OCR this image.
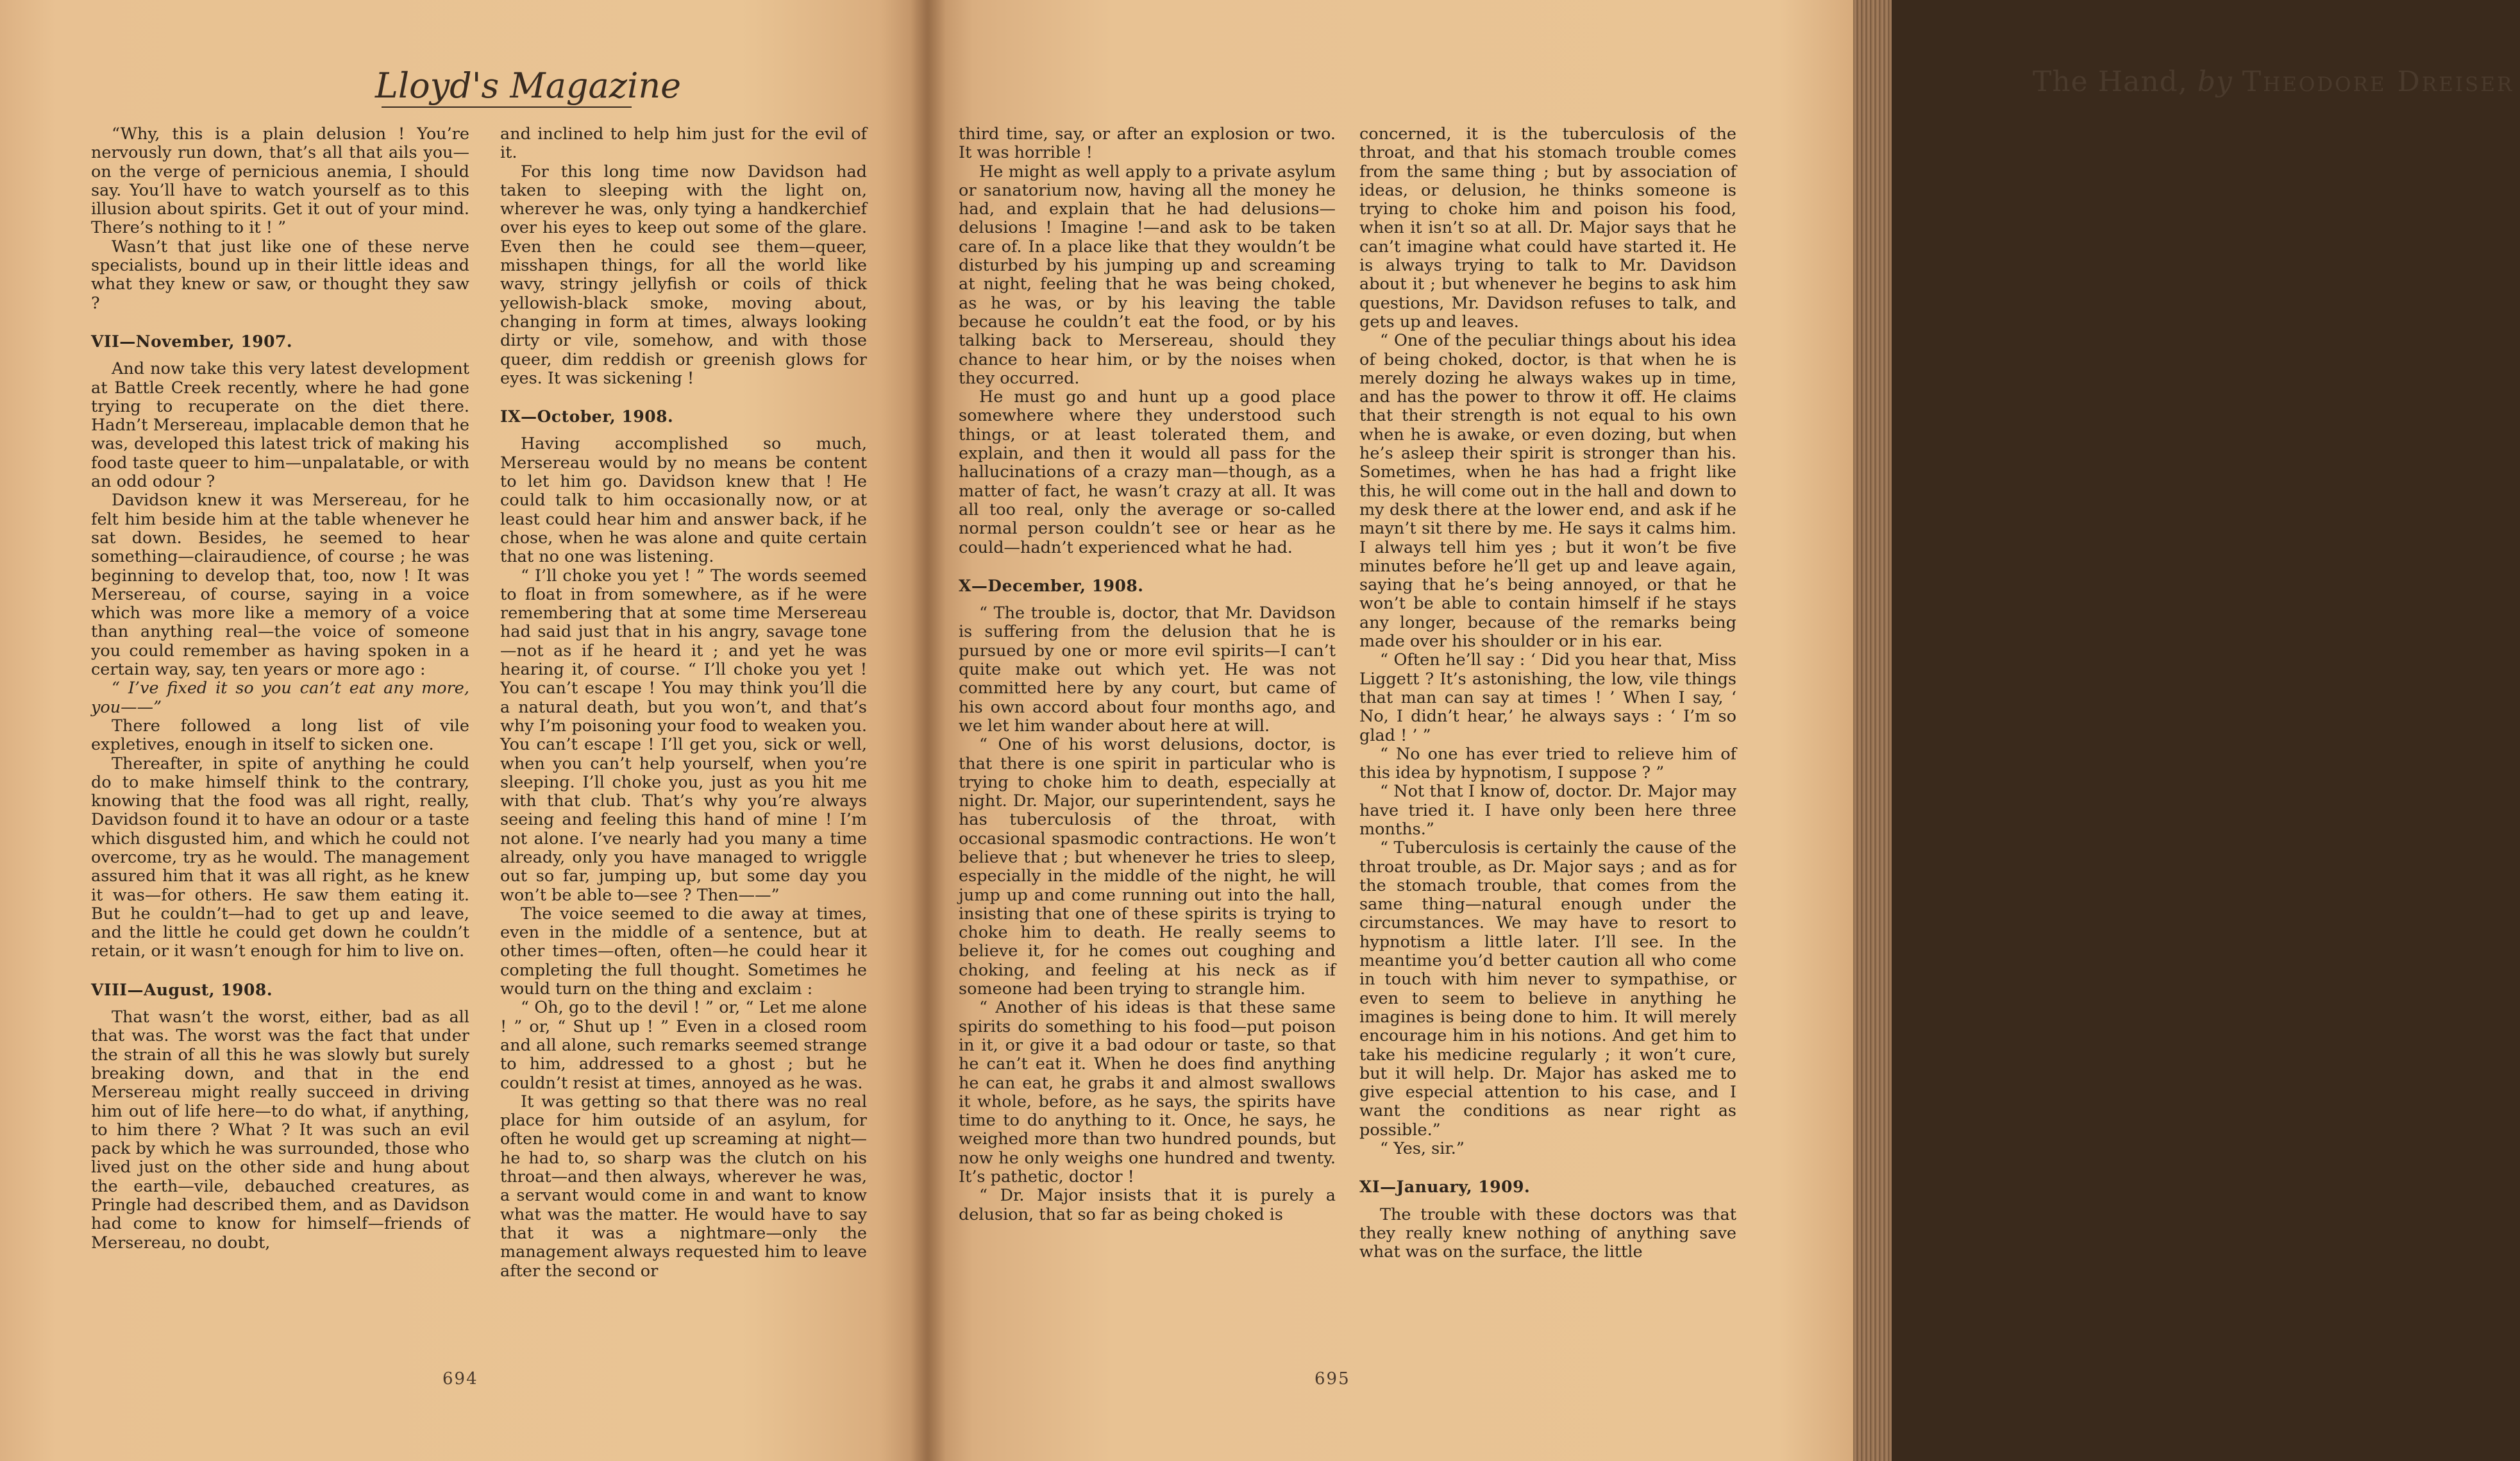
Lloyd's Magazine

“Why, this is a plain delusion ! You’re nervously run down, that’s all that ails you—on the verge of pernicious anemia, I should say. You’ll have to watch yourself as to this illusion about spirits. Get it out of your mind. There’s nothing to it ! ”

Wasn’t that just like one of these nerve specialists, bound up in their little ideas and what they knew or saw, or thought they saw ?

VII—November, 1907.

And now take this very latest development at Battle Creek recently, where he had gone trying to recuperate on the diet there. Hadn’t Mersereau, implacable demon that he was, developed this latest trick of making his food taste queer to him—unpalatable, or with an odd odour ?

Davidson knew it was Mersereau, for he felt him beside him at the table whenever he sat down. Besides, he seemed to hear something—clairaudience, of course ; he was beginning to develop that, too, now ! It was Mersereau, of course, saying in a voice which was more like a memory of a voice than anything real—the voice of someone you could remember as having spoken in a certain way, say, ten years or more ago :

“ I’ve fixed it so you can’t eat any more, you——”

There followed a long list of vile expletives, enough in itself to sicken one.

Thereafter, in spite of anything he could do to make himself think to the contrary, knowing that the food was all right, really, Davidson found it to have an odour or a taste which disgusted him, and which he could not overcome, try as he would. The management assured him that it was all right, as he knew it was—for others. He saw them eating it. But he couldn’t—had to get up and leave, and the little he could get down he couldn’t retain, or it wasn’t enough for him to live on.

VIII—August, 1908.

That wasn’t the worst, either, bad as all that was. The worst was the fact that under the strain of all this he was slowly but surely breaking down, and that in the end Mersereau might really succeed in driving him out of life here—to do what, if anything, to him there ? What ? It was such an evil pack by which he was surrounded, those who lived just on the other side and hung about the earth—vile, debauched creatures, as Pringle had described them, and as Davidson had come to know for himself—friends of Mersereau, no doubt,

and inclined to help him just for the evil of it.

For this long time now Davidson had taken to sleeping with the light on, wherever he was, only tying a handkerchief over his eyes to keep out some of the glare. Even then he could see them—queer, misshapen things, for all the world like wavy, stringy jellyfish or coils of thick yellowish-black smoke, moving about, changing in form at times, always looking dirty or vile, somehow, and with those queer, dim reddish or greenish glows for eyes. It was sickening !

IX—October, 1908.

Having accomplished so much, Mersereau would by no means be content to let him go. Davidson knew that ! He could talk to him occasionally now, or at least could hear him and answer back, if he chose, when he was alone and quite certain that no one was listening.

“ I’ll choke you yet ! ” The words seemed to float in from somewhere, as if he were remembering that at some time Mersereau had said just that in his angry, savage tone—not as if he heard it ; and yet he was hearing it, of course. “ I’ll choke you yet ! You can’t escape ! You may think you’ll die a natural death, but you won’t, and that’s why I’m poisoning your food to weaken you. You can’t escape ! I’ll get you, sick or well, when you can’t help yourself, when you’re sleeping. I’ll choke you, just as you hit me with that club. That’s why you’re always seeing and feeling this hand of mine ! I’m not alone. I’ve nearly had you many a time already, only you have managed to wriggle out so far, jumping up, but some day you won’t be able to—see ? Then——”

The voice seemed to die away at times, even in the middle of a sentence, but at other times—often, often—he could hear it completing the full thought. Sometimes he would turn on the thing and exclaim :

“ Oh, go to the devil ! ” or, “ Let me alone ! ” or, “ Shut up ! ” Even in a closed room and all alone, such remarks seemed strange to him, addressed to a ghost ; but he couldn’t resist at times, annoyed as he was.

It was getting so that there was no real place for him outside of an asylum, for often he would get up screaming at night—he had to, so sharp was the clutch on his throat—and then always, wherever he was, a servant would come in and want to know what was the matter. He would have to say that it was a nightmare—only the management always requested him to leave after the second or

694
The Hand, by Theodore Dreiser
695

third time, say, or after an explosion or two. It was horrible !

He might as well apply to a private asylum or sanatorium now, having all the money he had, and explain that he had delusions—delusions ! Imagine !—and ask to be taken care of. In a place like that they wouldn’t be disturbed by his jumping up and screaming at night, feeling that he was being choked, as he was, or by his leaving the table because he couldn’t eat the food, or by his talking back to Mersereau, should they chance to hear him, or by the noises when they occurred.

He must go and hunt up a good place somewhere where they understood such things, or at least tolerated them, and explain, and then it would all pass for the hallucinations of a crazy man—though, as a matter of fact, he wasn’t crazy at all. It was all too real, only the average or so-called normal person couldn’t see or hear as he could—hadn’t experienced what he had.

X—December, 1908.

“ The trouble is, doctor, that Mr. Davidson is suffering from the delusion that he is pursued by one or more evil spirits—I can’t quite make out which yet. He was not committed here by any court, but came of his own accord about four months ago, and we let him wander about here at will.

“ One of his worst delusions, doctor, is that there is one spirit in particular who is trying to choke him to death, especially at night. Dr. Major, our superintendent, says he has tuberculosis of the throat, with occasional spasmodic contractions. He won’t believe that ; but whenever he tries to sleep, especially in the middle of the night, he will jump up and come running out into the hall, insisting that one of these spirits is trying to choke him to death. He really seems to believe it, for he comes out coughing and choking, and feeling at his neck as if someone had been trying to strangle him.

“ Another of his ideas is that these same spirits do something to his food—put poison in it, or give it a bad odour or taste, so that he can’t eat it. When he does find anything he can eat, he grabs it and almost swallows it whole, before, as he says, the spirits have time to do anything to it. Once, he says, he weighed more than two hundred pounds, but now he only weighs one hundred and twenty. It’s pathetic, doctor !

“ Dr. Major insists that it is purely a delusion, that so far as being choked is

concerned, it is the tuberculosis of the throat, and that his stomach trouble comes from the same thing ; but by association of ideas, or delusion, he thinks someone is trying to choke him and poison his food, when it isn’t so at all. Dr. Major says that he can’t imagine what could have started it. He is always trying to talk to Mr. Davidson about it ; but whenever he begins to ask him questions, Mr. Davidson refuses to talk, and gets up and leaves.

“ One of the peculiar things about his idea of being choked, doctor, is that when he is merely dozing he always wakes up in time, and has the power to throw it off. He claims that their strength is not equal to his own when he is awake, or even dozing, but when he’s asleep their spirit is stronger than his. Sometimes, when he has had a fright like this, he will come out in the hall and down to my desk there at the lower end, and ask if he mayn’t sit there by me. He says it calms him. I always tell him yes ; but it won’t be five minutes before he’ll get up and leave again, saying that he’s being annoyed, or that he won’t be able to contain himself if he stays any longer, because of the remarks being made over his shoulder or in his ear.

“ Often he’ll say : ‘ Did you hear that, Miss Liggett ? It’s astonishing, the low, vile things that man can say at times ! ’ When I say, ‘ No, I didn’t hear,’ he always says : ‘ I’m so glad ! ’ ”

“ No one has ever tried to relieve him of this idea by hypnotism, I suppose ? ”

“ Not that I know of, doctor. Dr. Major may have tried it. I have only been here three months.”

“ Tuberculosis is certainly the cause of the throat trouble, as Dr. Major says ; and as for the stomach trouble, that comes from the same thing—natural enough under the circumstances. We may have to resort to hypnotism a little later. I’ll see. In the meantime you’d better caution all who come in touch with him never to sympathise, or even to seem to believe in anything he imagines is being done to him. It will merely encourage him in his notions. And get him to take his medicine regularly ; it won’t cure, but it will help. Dr. Major has asked me to give especial attention to his case, and I want the conditions as near right as possible.”

“ Yes, sir.”

XI—January, 1909.

The trouble with these doctors was that they really knew nothing of anything save what was on the surface, the little
